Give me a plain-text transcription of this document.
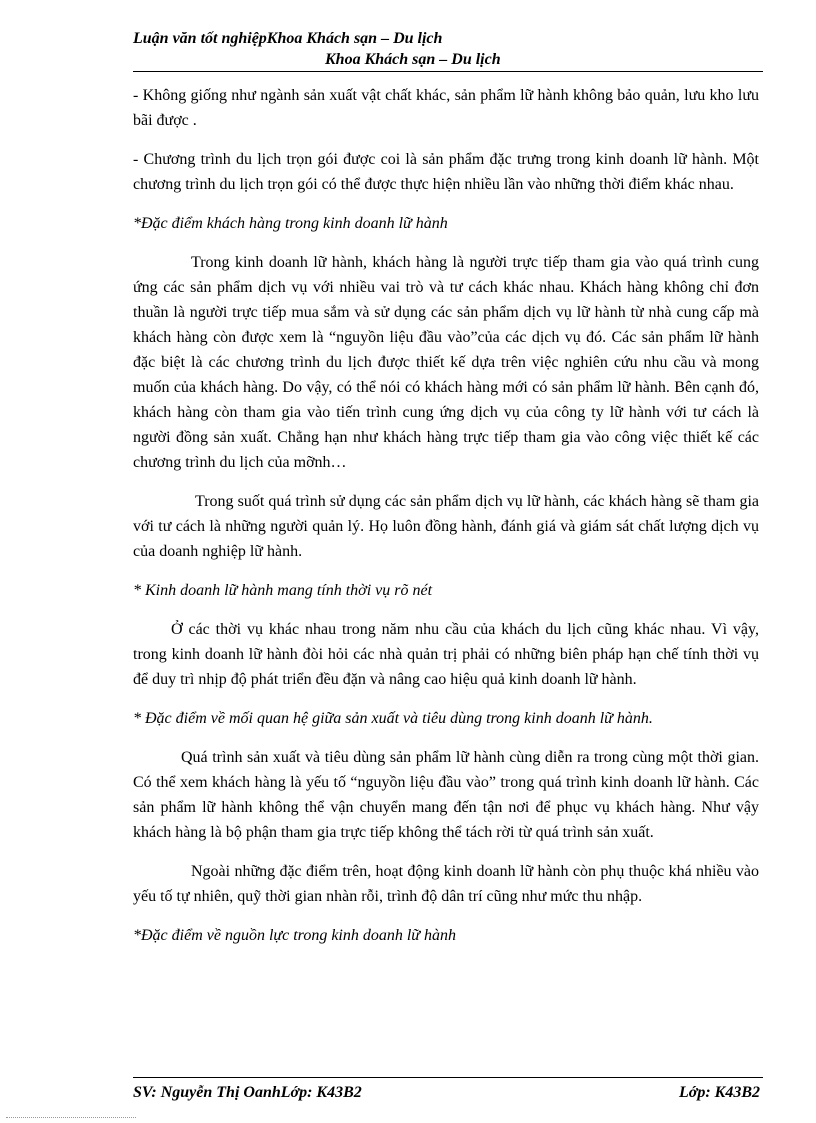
Luận văn tốt nghiệpKhoa Khách sạn – Du lịch
Khoa Khách sạn – Du lịch

- Không giống như ngành sản xuất vật chất khác, sản phẩm lữ hành không bảo quản, lưu kho lưu bãi được .

- Chương trình du lịch trọn gói được coi là sản phẩm đặc trưng trong kinh doanh lữ hành. Một chương trình du lịch trọn gói có thể được thực hiện nhiều lần vào những thời điểm khác nhau.

*Đặc điểm khách hàng trong kinh doanh lữ hành

Trong kinh doanh lữ hành, khách hàng là người trực tiếp tham gia vào quá trình cung ứng các sản phẩm dịch vụ với nhiều vai trò và tư cách khác nhau. Khách hàng không chỉ đơn thuần là người trực tiếp mua sắm và sử dụng các sản phẩm dịch vụ lữ hành từ nhà cung cấp mà khách hàng còn được xem là “nguyồn liệu đầu vào”của các dịch vụ đó. Các sản phẩm lữ hành đặc biệt là các chương trình du lịch được thiết kế dựa trên việc nghiên cứu nhu cầu và mong muốn của khách hàng. Do vậy, có thể nói có khách hàng mới có sản phẩm lữ hành. Bên cạnh đó, khách hàng còn tham gia vào tiến trình cung ứng dịch vụ của công ty lữ hành với tư cách là người đồng sản xuất. Chẳng hạn như khách hàng trực tiếp tham gia vào công việc thiết kế các chương trình du lịch của mỡnh…

Trong suốt quá trình sử dụng các sản phẩm dịch vụ lữ hành, các khách hàng sẽ tham gia với tư cách là những người quản lý. Họ luôn đồng hành, đánh giá và giám sát chất lượng dịch vụ của doanh nghiệp lữ hành.

* Kinh doanh lữ hành mang tính thời vụ rõ nét

Ở các thời vụ khác nhau trong năm nhu cầu của khách du lịch cũng khác nhau. Vì vậy, trong kinh doanh lữ hành đòi hỏi các nhà quản trị phải có những biên pháp hạn chế tính thời vụ để duy trì nhịp độ phát triển đều đặn và nâng cao hiệu quả kinh doanh lữ hành.

* Đặc điểm về mối quan hệ giữa sản xuất và tiêu dùng trong kinh doanh lữ hành.

Quá trình sản xuất và tiêu dùng sản phẩm lữ hành cùng diễn ra trong cùng một thời gian. Có thể xem khách hàng là yếu tố “nguyồn liệu đầu vào” trong quá trình kinh doanh lữ hành. Các sản phẩm lữ hành không thể vận chuyển mang đến tận nơi để phục vụ khách hàng. Như vậy khách hàng là bộ phận tham gia trực tiếp không thể tách rời từ quá trình sản xuất.

Ngoài những đặc điểm trên, hoạt động kinh doanh lữ hành còn phụ thuộc khá nhiều vào yếu tố tự nhiên, quỹ thời gian nhàn rỗi, trình độ dân trí cũng như mức thu nhập.

*Đặc điểm về nguồn lực trong kinh doanh lữ hành

SV: Nguyễn Thị OanhLớp: K43B2	Lớp: K43B2
